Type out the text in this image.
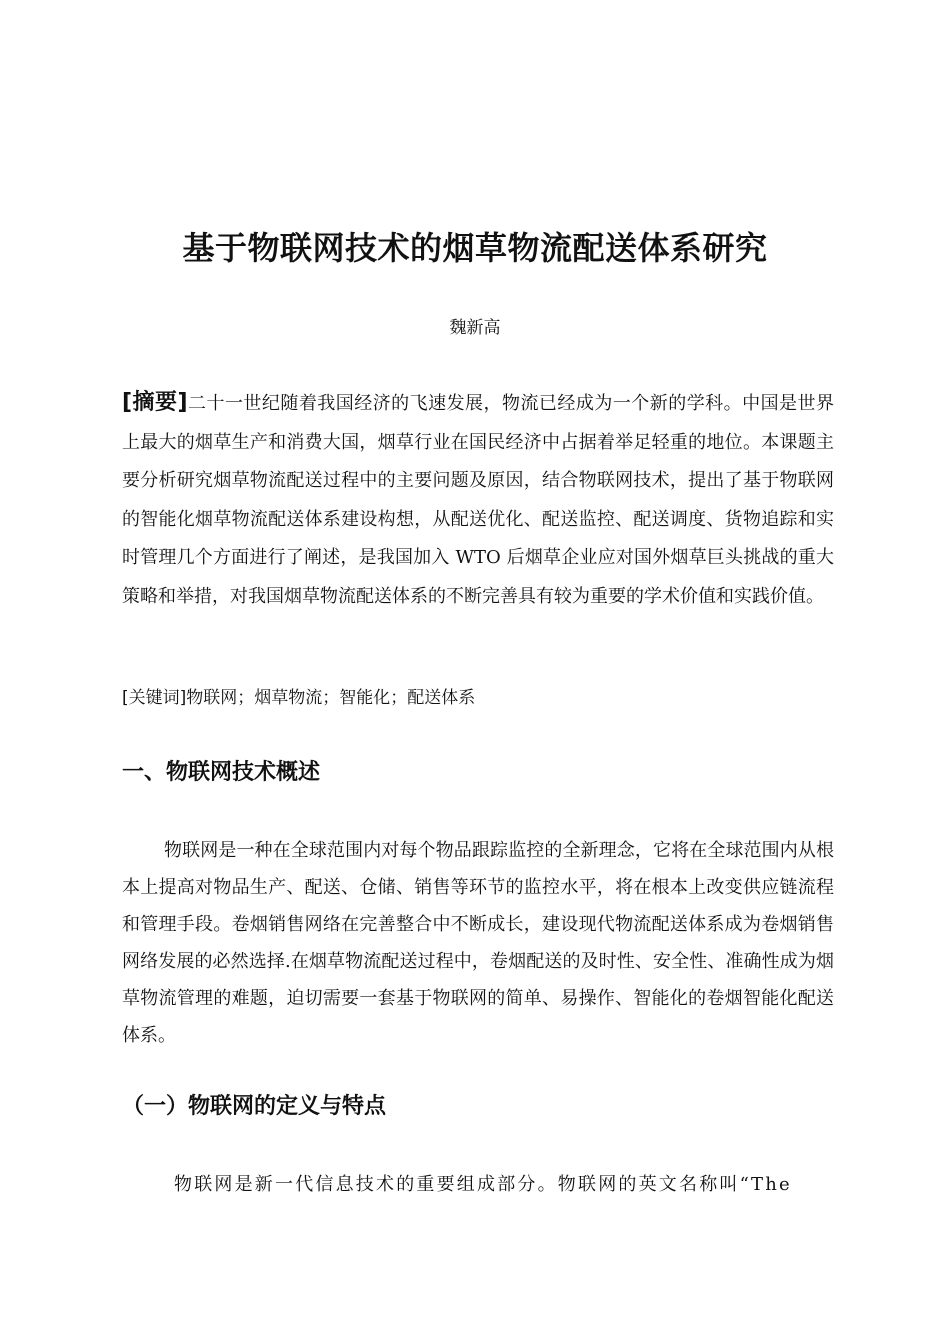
基于物联网技术的烟草物流配送体系研究
魏新高
[摘要]二十一世纪随着我国经济的飞速发展，物流已经成为一个新的学科。中国是世界上最大的烟草生产和消费大国，烟草行业在国民经济中占据着举足轻重的地位。本课题主要分析研究烟草物流配送过程中的主要问题及原因，结合物联网技术，提出了基于物联网的智能化烟草物流配送体系建设构想，从配送优化、配送监控、配送调度、货物追踪和实时管理几个方面进行了阐述，是我国加入 WTO 后烟草企业应对国外烟草巨头挑战的重大策略和举措，对我国烟草物流配送体系的不断完善具有较为重要的学术价值和实践价值。
[关键词]物联网；烟草物流；智能化；配送体系
一、物联网技术概述
物联网是一种在全球范围内对每个物品跟踪监控的全新理念，它将在全球范围内从根本上提高对物品生产、配送、仓储、销售等环节的监控水平，将在根本上改变供应链流程和管理手段。卷烟销售网络在完善整合中不断成长，建设现代物流配送体系成为卷烟销售网络发展的必然选择.在烟草物流配送过程中，卷烟配送的及时性、安全性、准确性成为烟草物流管理的难题，迫切需要一套基于物联网的简单、易操作、智能化的卷烟智能化配送体系。
（一）物联网的定义与特点
物联网是新一代信息技术的重要组成部分。物联网的英文名称叫“The
